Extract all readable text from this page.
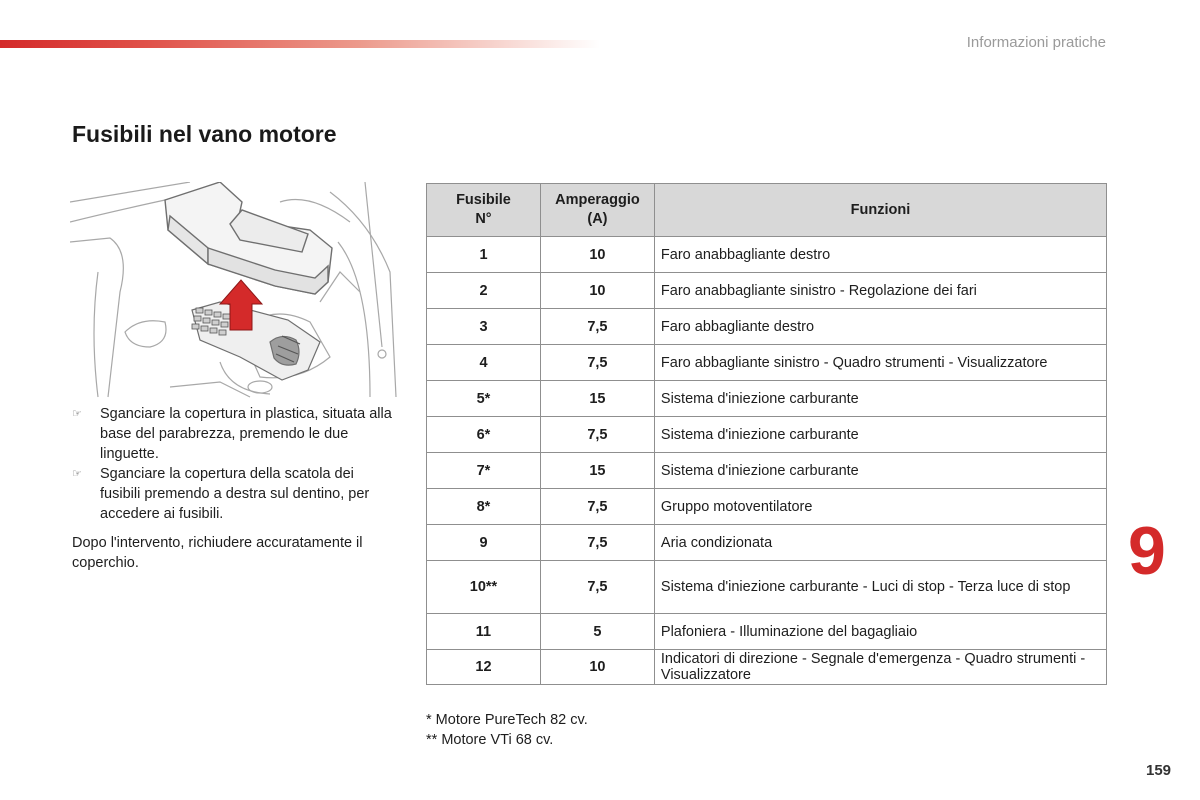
Informazioni pratiche
Fusibili nel vano motore
☞ Sganciare la copertura in plastica, situata alla base del parabrezza, premendo le due linguette.
☞ Sganciare la copertura della scatola dei fusibili premendo a destra sul dentino, per accedere ai fusibili.

Dopo l'intervento, richiudere accuratamente il coperchio.

Fusibile N°	Amperaggio (A)	Funzioni
1	10	Faro anabbagliante destro
2	10	Faro anabbagliante sinistro - Regolazione dei fari
3	7,5	Faro abbagliante destro
4	7,5	Faro abbagliante sinistro - Quadro strumenti - Visualizzatore
5*	15	Sistema d'iniezione carburante
6*	7,5	Sistema d'iniezione carburante
7*	15	Sistema d'iniezione carburante
8*	7,5	Gruppo motoventilatore
9	7,5	Aria condizionata
10**	7,5	Sistema d'iniezione carburante - Luci di stop - Terza luce di stop
11	5	Plafoniera - Illuminazione del bagagliaio
12	10	Indicatori di direzione - Segnale d'emergenza - Quadro strumenti - Visualizzatore
* Motore PureTech 82 cv.
** Motore VTi 68 cv.
9
159
